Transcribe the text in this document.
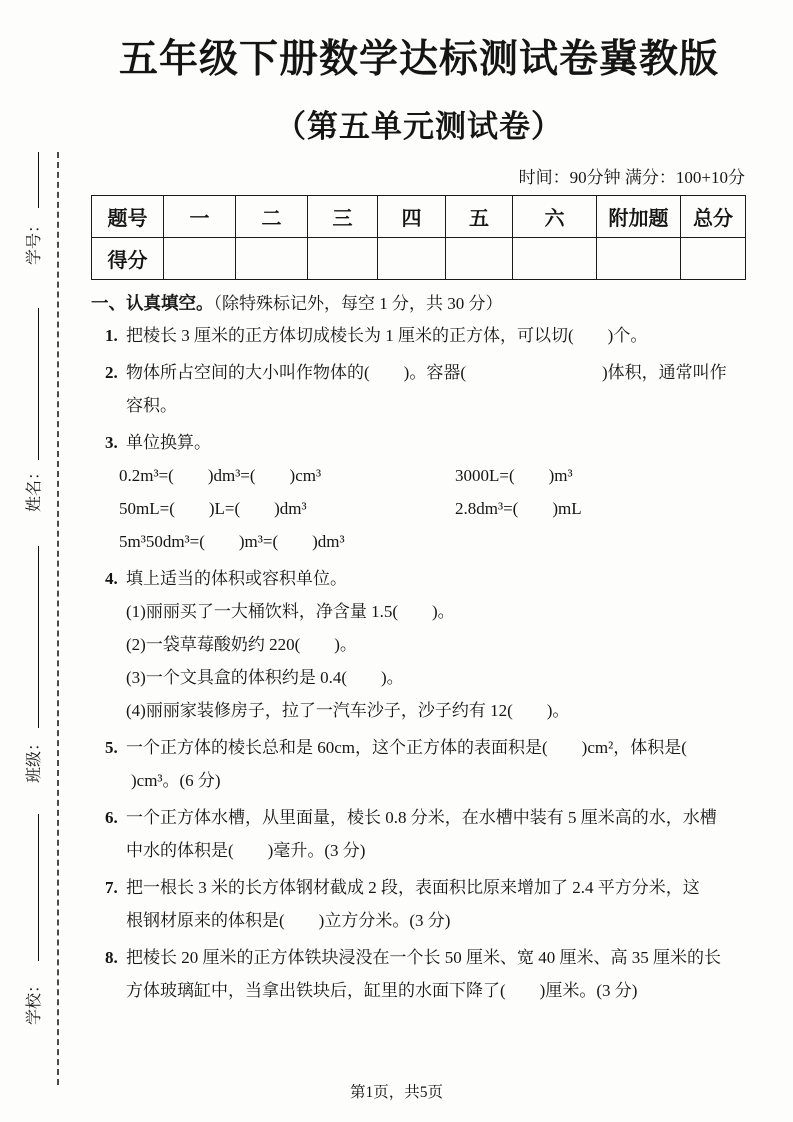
学号：
姓名：
班级：
学校：
五年级下册数学达标测试卷冀教版
（第五单元测试卷）
时间：90分钟 满分：100+10分
题号	一	二	三	四	五	六	附加题	总分
得分								
一、认真填空。（除特殊标记外，每空 1 分，共 30 分）
1. 把棱长 3 厘米的正方体切成棱长为 1 厘米的正方体，可以切(　　)个。
2. 物体所占空间的大小叫作物体的(　　)。容器(　　　　　　　　)体积，通常叫作
容积。
3. 单位换算。
0.2m³=(　　)dm³=(　　)cm³	3000L=(　　)m³
50mL=(　　)L=(　　)dm³	2.8dm³=(　　)mL
5m³50dm³=(　　)m³=(　　)dm³
4. 填上适当的体积或容积单位。
(1)丽丽买了一大桶饮料，净含量 1.5(　　)。
(2)一袋草莓酸奶约 220(　　)。
(3)一个文具盒的体积约是 0.4(　　)。
(4)丽丽家装修房子，拉了一汽车沙子，沙子约有 12(　　)。
5. 一个正方体的棱长总和是 60cm，这个正方体的表面积是(　　)cm²，体积是(
　)cm³。(6 分)
6. 一个正方体水槽，从里面量，棱长 0.8 分米，在水槽中装有 5 厘米高的水，水槽
中水的体积是(　　)毫升。(3 分)
7. 把一根长 3 米的长方体钢材截成 2 段，表面积比原来增加了 2.4 平方分米，这
根钢材原来的体积是(　　)立方分米。(3 分)
8. 把棱长 20 厘米的正方体铁块浸没在一个长 50 厘米、宽 40 厘米、高 35 厘米的长
方体玻璃缸中，当拿出铁块后，缸里的水面下降了(　　)厘米。(3 分)
第1页，共5页
